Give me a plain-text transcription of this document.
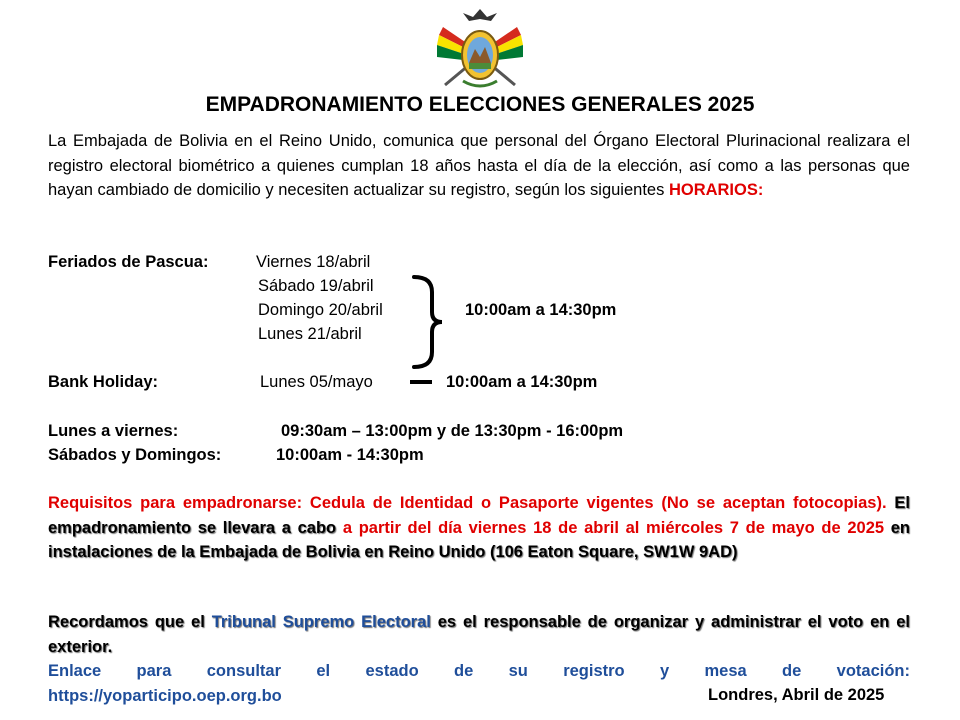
EMPADRONAMIENTO ELECCIONES GENERALES 2025
La Embajada de Bolivia en el Reino Unido, comunica que personal del Órgano Electoral Plurinacional realizara el registro electoral biométrico a quienes cumplan 18 años hasta el día de la elección, así como a las personas que hayan cambiado de domicilio y necesiten actualizar su registro, según los siguientes HORARIOS:
Feriados de Pascua:	Viernes 18/abril
Sábado 19/abril
Domingo 20/abril
Lunes 21/abril
10:00am a 14:30pm
Bank Holiday:	Lunes 05/mayo	10:00am a 14:30pm
Lunes a viernes:	09:30am – 13:00pm y de 13:30pm - 16:00pm
Sábados y Domingos:	10:00am - 14:30pm
Requisitos para empadronarse: Cedula de Identidad o Pasaporte vigentes (No se aceptan fotocopias). El empadronamiento se llevara a cabo a partir del día viernes 18 de abril al miércoles 7 de mayo de 2025 en instalaciones de la Embajada de Bolivia en Reino Unido (106 Eaton Square, SW1W 9AD)
Recordamos que el Tribunal Supremo Electoral es el responsable de organizar y administrar el voto en el exterior.
Enlace para consultar el estado de su registro y mesa de votación:
https://yoparticipo.oep.org.bo	Londres, Abril de 2025
